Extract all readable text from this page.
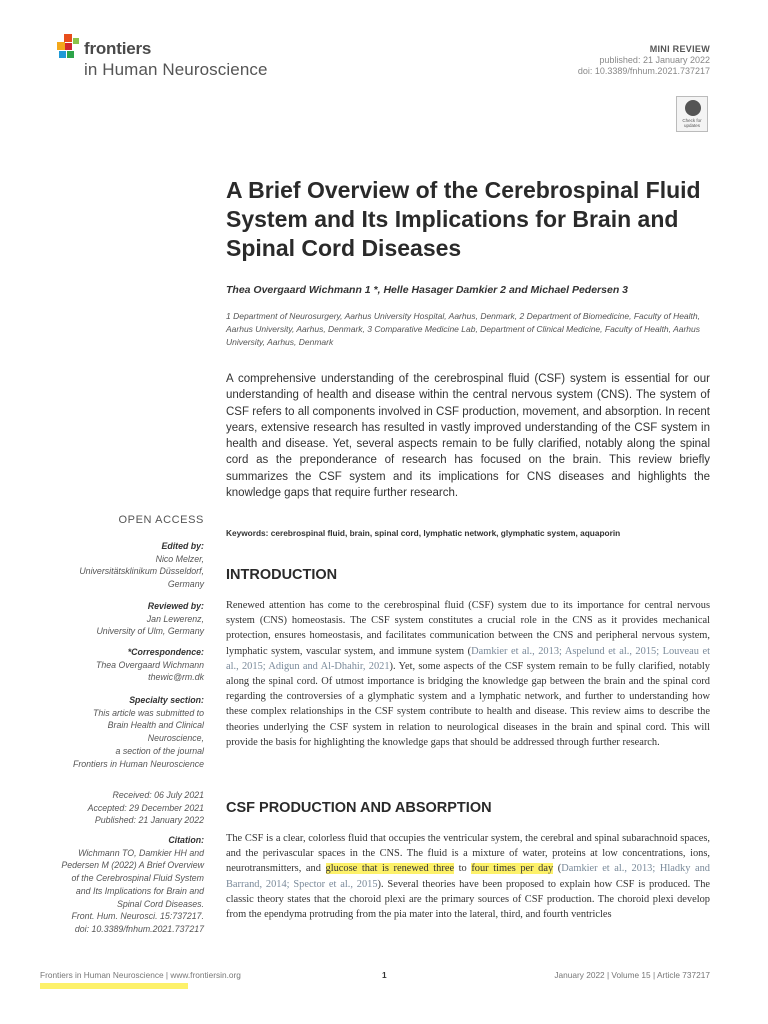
frontiers
in Human Neuroscience
MINI REVIEW
published: 21 January 2022
doi: 10.3389/fnhum.2021.737217
Check for updates
A Brief Overview of the Cerebrospinal Fluid System and Its Implications for Brain and Spinal Cord Diseases
Thea Overgaard Wichmann 1 *, Helle Hasager Damkier 2 and Michael Pedersen 3
1 Department of Neurosurgery, Aarhus University Hospital, Aarhus, Denmark, 2 Department of Biomedicine, Faculty of Health, Aarhus University, Aarhus, Denmark, 3 Comparative Medicine Lab, Department of Clinical Medicine, Faculty of Health, Aarhus University, Aarhus, Denmark
A comprehensive understanding of the cerebrospinal fluid (CSF) system is essential for our understanding of health and disease within the central nervous system (CNS). The system of CSF refers to all components involved in CSF production, movement, and absorption. In recent years, extensive research has resulted in vastly improved understanding of the CSF system in health and disease. Yet, several aspects remain to be fully clarified, notably along the spinal cord as the preponderance of research has focused on the brain. This review briefly summarizes the CSF system and its implications for CNS diseases and highlights the knowledge gaps that require further research.
Keywords: cerebrospinal fluid, brain, spinal cord, lymphatic network, glymphatic system, aquaporin
OPEN ACCESS
Edited by:
Nico Melzer,
Universitätsklinikum Düsseldorf,
Germany
Reviewed by:
Jan Lewerenz,
University of Ulm, Germany
*Correspondence:
Thea Overgaard Wichmann
thewic@rm.dk
Specialty section:
This article was submitted to
Brain Health and Clinical
Neuroscience,
a section of the journal
Frontiers in Human Neuroscience
Received: 06 July 2021
Accepted: 29 December 2021
Published: 21 January 2022
Citation:
Wichmann TO, Damkier HH and
Pedersen M (2022) A Brief Overview
of the Cerebrospinal Fluid System
and Its Implications for Brain and
Spinal Cord Diseases.
Front. Hum. Neurosci. 15:737217.
doi: 10.3389/fnhum.2021.737217
INTRODUCTION
Renewed attention has come to the cerebrospinal fluid (CSF) system due to its importance for central nervous system (CNS) homeostasis. The CSF system constitutes a crucial role in the CNS as it provides mechanical protection, ensures homeostasis, and facilitates communication between the CNS and peripheral nervous system, lymphatic system, vascular system, and immune system (Damkier et al., 2013; Aspelund et al., 2015; Louveau et al., 2015; Adigun and Al-Dhahir, 2021). Yet, some aspects of the CSF system remain to be fully clarified, notably along the spinal cord. Of utmost importance is bridging the knowledge gap between the brain and the spinal cord regarding the controversies of a glymphatic system and a lymphatic network, and further to understanding how these complex relationships in the CSF system contribute to health and disease. This review aims to describe the theories underlying the CSF system in relation to neurological diseases in the brain and spinal cord. This will provide the basis for highlighting the knowledge gaps that should be addressed through further research.
CSF PRODUCTION AND ABSORPTION
The CSF is a clear, colorless fluid that occupies the ventricular system, the cerebral and spinal subarachnoid spaces, and the perivascular spaces in the CNS. The fluid is a mixture of water, proteins at low concentrations, ions, neurotransmitters, and glucose that is renewed three to four times per day (Damkier et al., 2013; Hladky and Barrand, 2014; Spector et al., 2015). Several theories have been proposed to explain how CSF is produced. The classic theory states that the choroid plexi are the primary sources of CSF production. The choroid plexi develop from the ependyma protruding from the pia mater into the lateral, third, and fourth ventricles
Frontiers in Human Neuroscience | www.frontiersin.org	1	January 2022 | Volume 15 | Article 737217
